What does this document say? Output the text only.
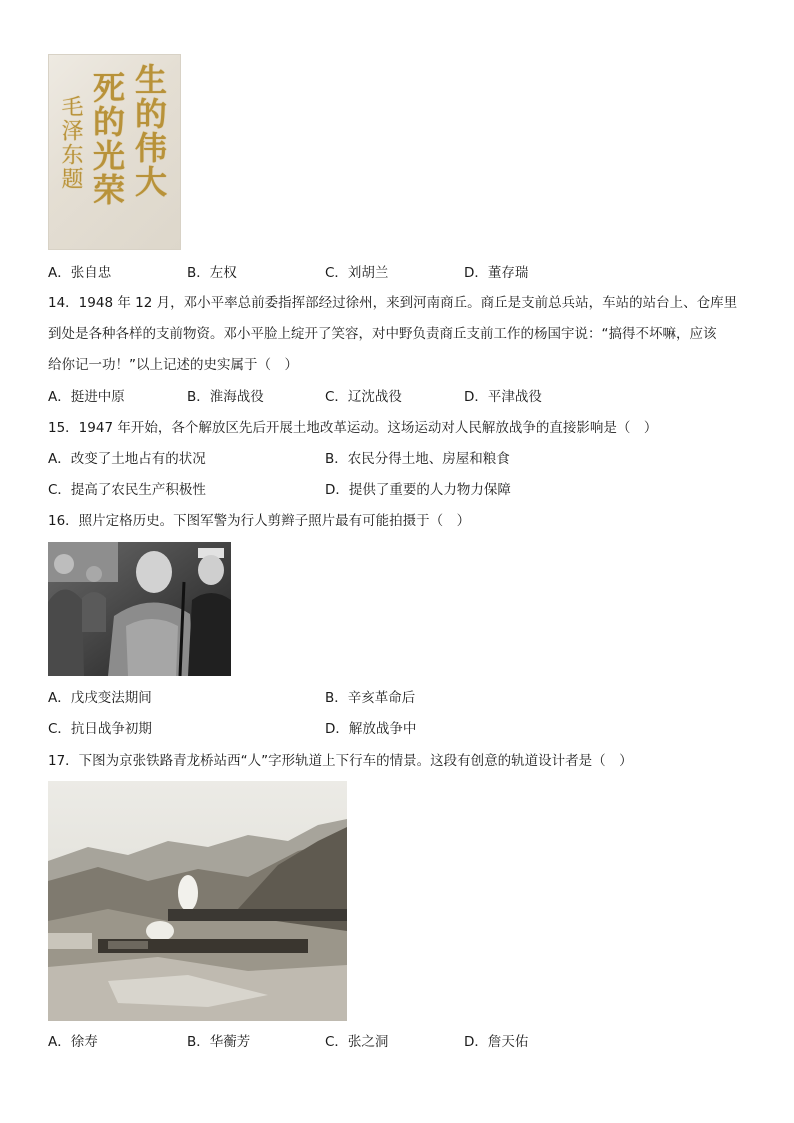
生的伟大
死的光荣
毛泽东题
A．张自忠	B．左权	C．刘胡兰	D．董存瑞
14．1948 年 12 月，邓小平率总前委指挥部经过徐州，来到河南商丘。商丘是支前总兵站，车站的站台上、仓库里
到处是各种各样的支前物资。邓小平脸上绽开了笑容，对中野负责商丘支前工作的杨国宇说：“搞得不坏嘛，应该
给你记一功！”以上记述的史实属于（　）
A．挺进中原	B．淮海战役	C．辽沈战役	D．平津战役
15．1947 年开始，各个解放区先后开展土地改革运动。这场运动对人民解放战争的直接影响是（　）
A．改变了土地占有的状况	B．农民分得土地、房屋和粮食
C．提高了农民生产积极性	D．提供了重要的人力物力保障
16．照片定格历史。下图军警为行人剪辫子照片最有可能拍摄于（　）
A．戊戌变法期间	B．辛亥革命后
C．抗日战争初期	D．解放战争中
17．下图为京张铁路青龙桥站西“人”字形轨道上下行车的情景。这段有创意的轨道设计者是（　）
A．徐寿	B．华蘅芳	C．张之洞	D．詹天佑
